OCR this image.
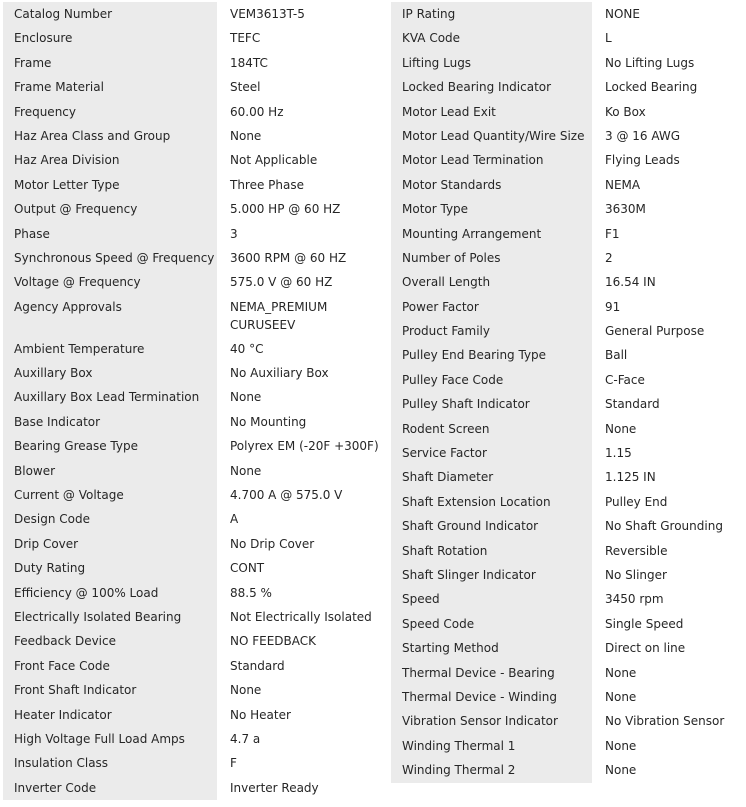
Catalog Number	VEM3613T-5
Enclosure	TEFC
Frame	184TC
Frame Material	Steel
Frequency	60.00 Hz
Haz Area Class and Group	None
Haz Area Division	Not Applicable
Motor Letter Type	Three Phase
Output @ Frequency	5.000 HP @ 60 HZ
Phase	3
Synchronous Speed @ Frequency	3600 RPM @ 60 HZ
Voltage @ Frequency	575.0 V @ 60 HZ
Agency Approvals	NEMA_PREMIUM
CURUSEEV
Ambient Temperature	40 °C
Auxillary Box	No Auxiliary Box
Auxillary Box Lead Termination	None
Base Indicator	No Mounting
Bearing Grease Type	Polyrex EM (-20F +300F)
Blower	None
Current @ Voltage	4.700 A @ 575.0 V
Design Code	A
Drip Cover	No Drip Cover
Duty Rating	CONT
Efficiency @ 100% Load	88.5 %
Electrically Isolated Bearing	Not Electrically Isolated
Feedback Device	NO FEEDBACK
Front Face Code	Standard
Front Shaft Indicator	None
Heater Indicator	No Heater
High Voltage Full Load Amps	4.7 a
Insulation Class	F
Inverter Code	Inverter Ready
IP Rating	NONE
KVA Code	L
Lifting Lugs	No Lifting Lugs
Locked Bearing Indicator	Locked Bearing
Motor Lead Exit	Ko Box
Motor Lead Quantity/Wire Size	3 @ 16 AWG
Motor Lead Termination	Flying Leads
Motor Standards	NEMA
Motor Type	3630M
Mounting Arrangement	F1
Number of Poles	2
Overall Length	16.54 IN
Power Factor	91
Product Family	General Purpose
Pulley End Bearing Type	Ball
Pulley Face Code	C-Face
Pulley Shaft Indicator	Standard
Rodent Screen	None
Service Factor	1.15
Shaft Diameter	1.125 IN
Shaft Extension Location	Pulley End
Shaft Ground Indicator	No Shaft Grounding
Shaft Rotation	Reversible
Shaft Slinger Indicator	No Slinger
Speed	3450 rpm
Speed Code	Single Speed
Starting Method	Direct on line
Thermal Device - Bearing	None
Thermal Device - Winding	None
Vibration Sensor Indicator	No Vibration Sensor
Winding Thermal 1	None
Winding Thermal 2	None
